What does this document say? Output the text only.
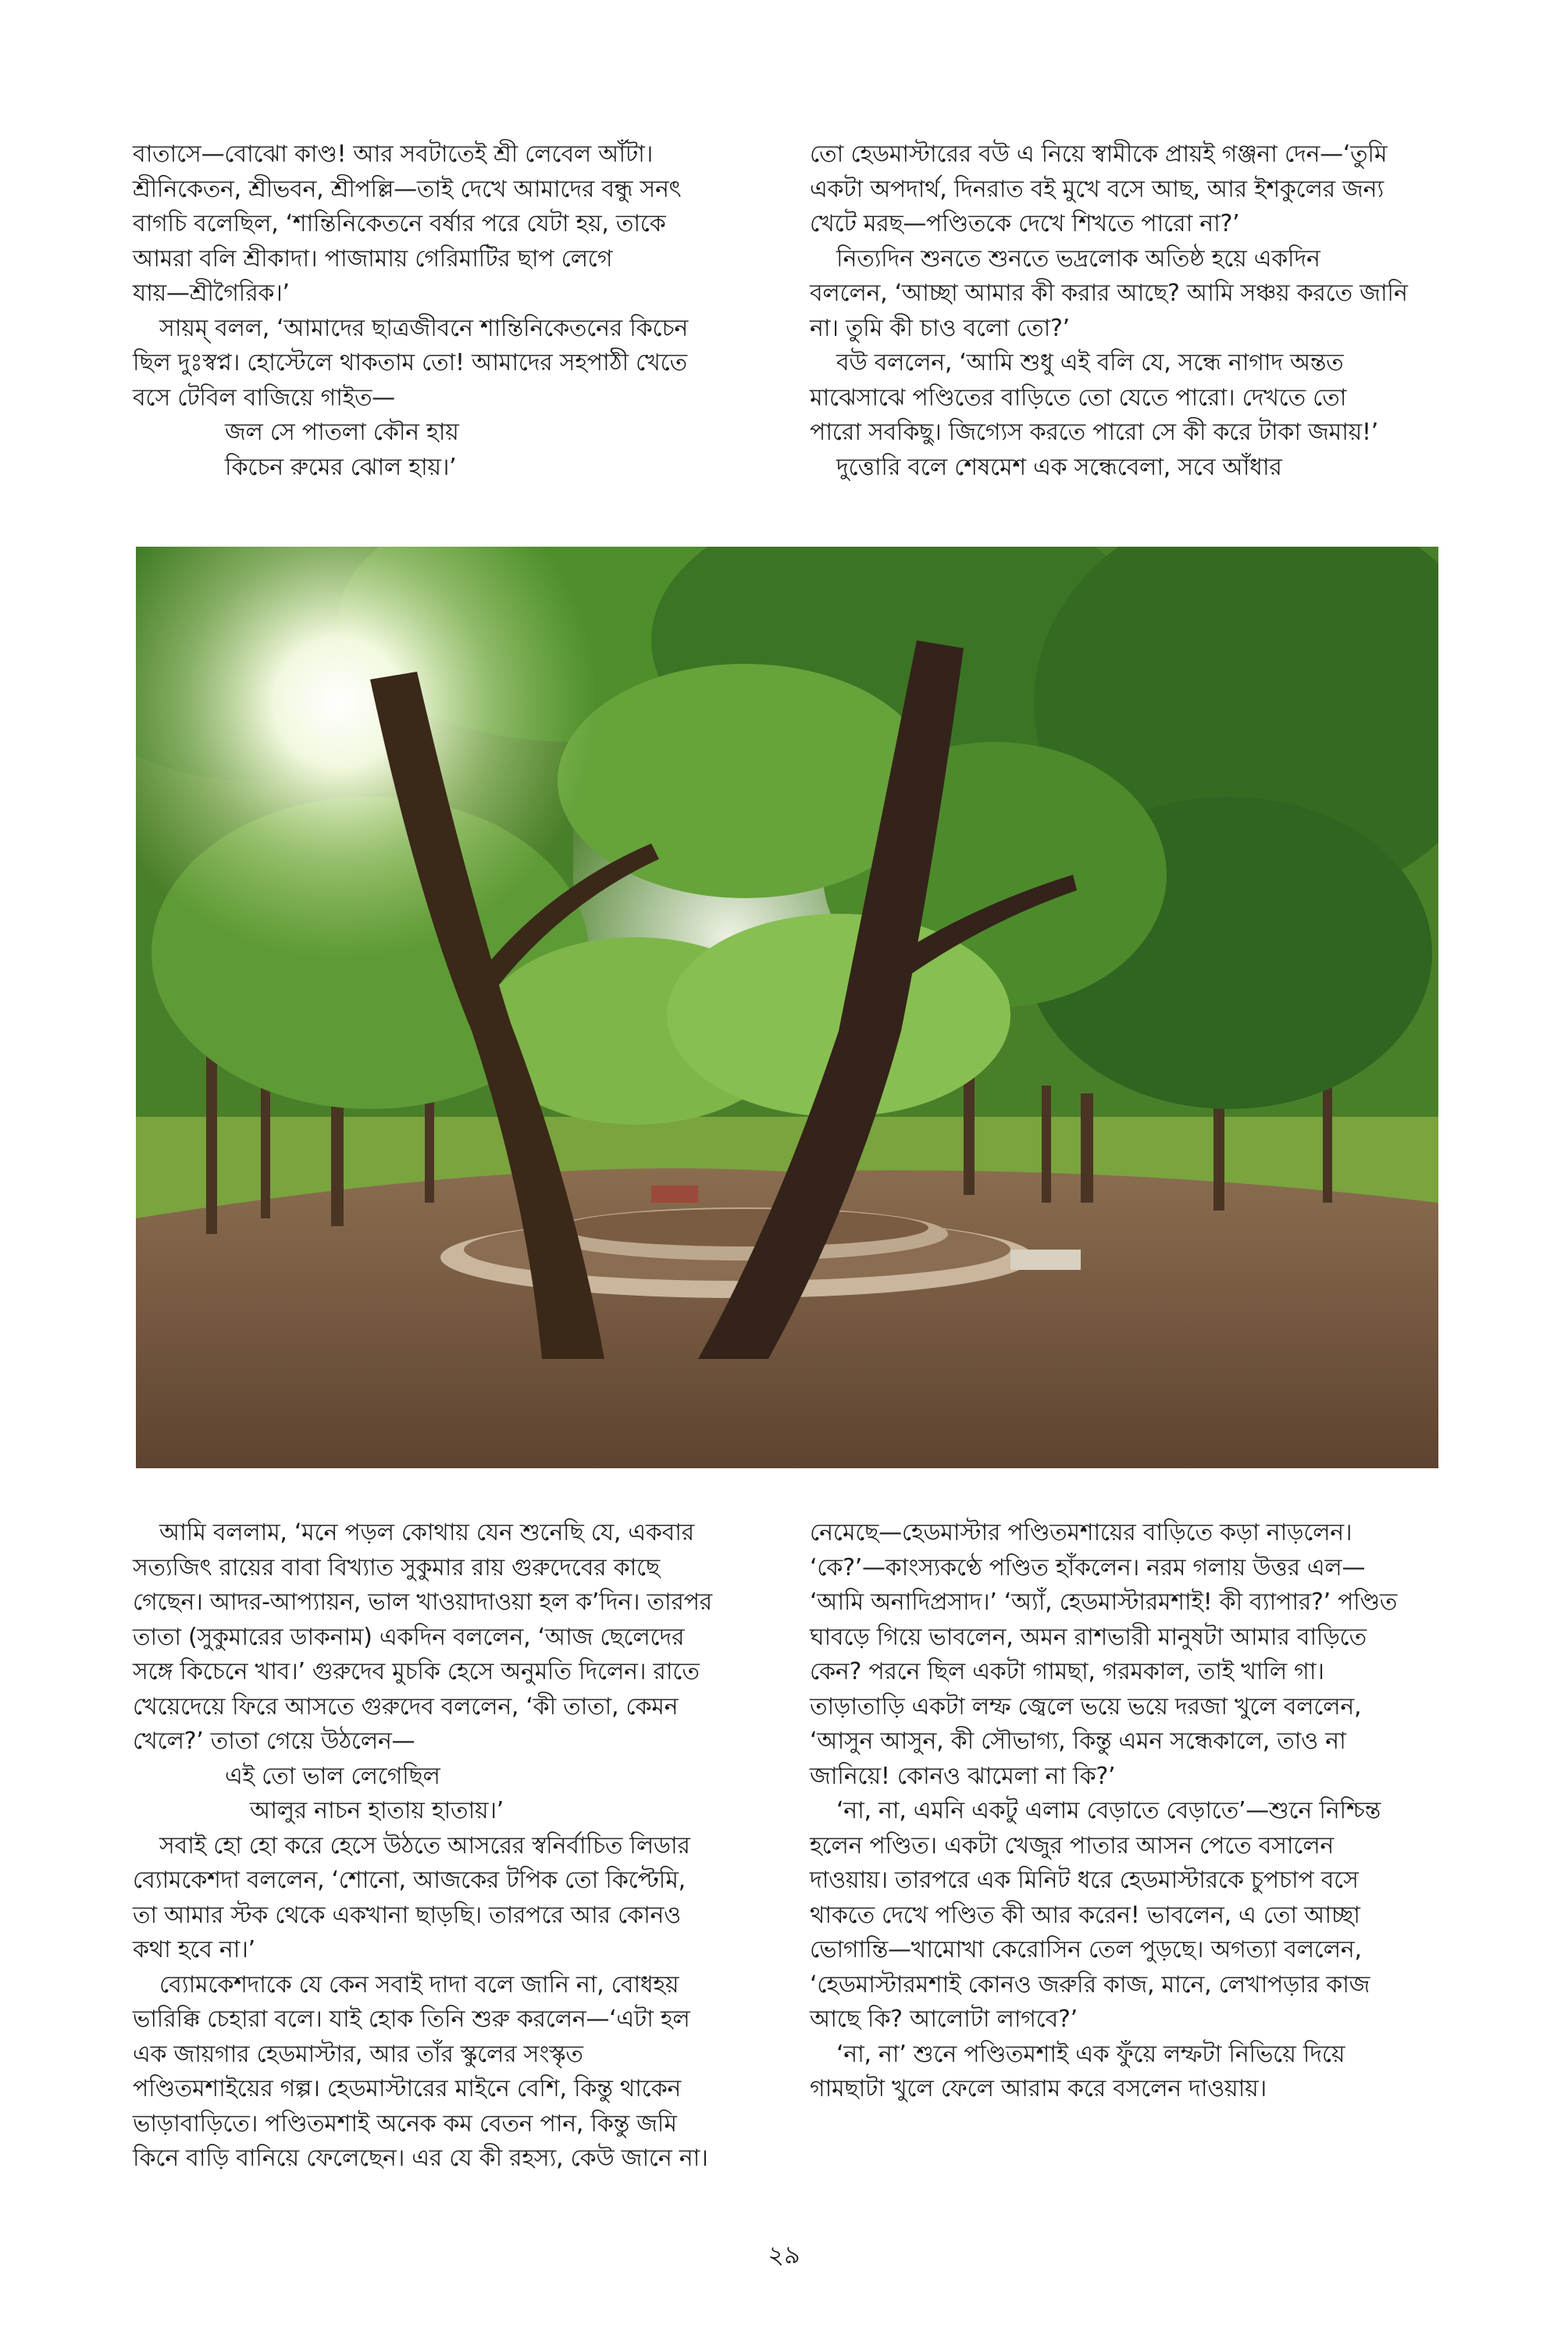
বাতাসে—বোঝো কাণ্ড! আর সবটাতেই শ্রী লেবেল আঁটা।
শ্রীনিকেতন, শ্রীভবন, শ্রীপল্লি—তাই দেখে আমাদের বন্ধু সনৎ
বাগচি বলেছিল, ‘শান্তিনিকেতনে বর্ষার পরে যেটা হয়, তাকে
আমরা বলি শ্রীকাদা। পাজামায় গেরিমাটির ছাপ লেগে
যায়—শ্রীগৈরিক।’
সায়ম্ বলল, ‘আমাদের ছাত্রজীবনে শান্তিনিকেতনের কিচেন
ছিল দুঃস্বপ্ন। হোস্টেলে থাকতাম তো! আমাদের সহপাঠী খেতে
বসে টেবিল বাজিয়ে গাইত—
জল সে পাতলা কৌন হায়
কিচেন রুমের ঝোল হায়।’
তো হেডমাস্টারের বউ এ নিয়ে স্বামীকে প্রায়ই গঞ্জনা দেন—‘তুমি
একটা অপদার্থ, দিনরাত বই মুখে বসে আছ, আর ইশকুলের জন্য
খেটে মরছ—পণ্ডিতকে দেখে শিখতে পারো না?’
নিত্যদিন শুনতে শুনতে ভদ্রলোক অতিষ্ঠ হয়ে একদিন
বললেন, ‘আচ্ছা আমার কী করার আছে? আমি সঞ্চয় করতে জানি
না। তুমি কী চাও বলো তো?’
বউ বললেন, ‘আমি শুধু এই বলি যে, সন্ধে নাগাদ অন্তত
মাঝেসাঝে পণ্ডিতের বাড়িতে তো যেতে পারো। দেখতে তো
পারো সবকিছু। জিগ্যেস করতে পারো সে কী করে টাকা জমায়!’
দুত্তোরি বলে শেষমেশ এক সন্ধেবেলা, সবে আঁধার
আমি বললাম, ‘মনে পড়ল কোথায় যেন শুনেছি যে, একবার
সত্যজিৎ রায়ের বাবা বিখ্যাত সুকুমার রায় গুরুদেবের কাছে
গেছেন। আদর-আপ্যায়ন, ভাল খাওয়াদাওয়া হল ক’দিন। তারপর
তাতা (সুকুমারের ডাকনাম) একদিন বললেন, ‘আজ ছেলেদের
সঙ্গে কিচেনে খাব।’ গুরুদেব মুচকি হেসে অনুমতি দিলেন। রাতে
খেয়েদেয়ে ফিরে আসতে গুরুদেব বললেন, ‘কী তাতা, কেমন
খেলে?’ তাতা গেয়ে উঠলেন—
এই তো ভাল লেগেছিল
আলুর নাচন হাতায় হাতায়।’
সবাই হো হো করে হেসে উঠতে আসরের স্বনির্বাচিত লিডার
ব্যোমকেশদা বললেন, ‘শোনো, আজকের টপিক তো কিপ্টেমি,
তা আমার স্টক থেকে একখানা ছাড়ছি। তারপরে আর কোনও
কথা হবে না।’
ব্যোমকেশদাকে যে কেন সবাই দাদা বলে জানি না, বোধহয়
ভারিক্কি চেহারা বলে। যাই হোক তিনি শুরু করলেন—‘এটা হল
এক জায়গার হেডমাস্টার, আর তাঁর স্কুলের সংস্কৃত
পণ্ডিতমশাইয়ের গল্প। হেডমাস্টারের মাইনে বেশি, কিন্তু থাকেন
ভাড়াবাড়িতে। পণ্ডিতমশাই অনেক কম বেতন পান, কিন্তু জমি
কিনে বাড়ি বানিয়ে ফেলেছেন। এর যে কী রহস্য, কেউ জানে না।
নেমেছে—হেডমাস্টার পণ্ডিতমশায়ের বাড়িতে কড়া নাড়লেন।
‘কে?’—কাংস্যকণ্ঠে পণ্ডিত হাঁকলেন। নরম গলায় উত্তর এল—
‘আমি অনাদিপ্রসাদ।’ ‘অ্যাঁ, হেডমাস্টারমশাই! কী ব্যাপার?’ পণ্ডিত
ঘাবড়ে গিয়ে ভাবলেন, অমন রাশভারী মানুষটা আমার বাড়িতে
কেন? পরনে ছিল একটা গামছা, গরমকাল, তাই খালি গা।
তাড়াতাড়ি একটা লম্ফ জ্বেলে ভয়ে ভয়ে দরজা খুলে বললেন,
‘আসুন আসুন, কী সৌভাগ্য, কিন্তু এমন সন্ধেকালে, তাও না
জানিয়ে! কোনও ঝামেলা না কি?’
‘না, না, এমনি একটু এলাম বেড়াতে বেড়াতে’—শুনে নিশ্চিন্ত
হলেন পণ্ডিত। একটা খেজুর পাতার আসন পেতে বসালেন
দাওয়ায়। তারপরে এক মিনিট ধরে হেডমাস্টারকে চুপচাপ বসে
থাকতে দেখে পণ্ডিত কী আর করেন! ভাবলেন, এ তো আচ্ছা
ভোগান্তি—খামোখা কেরোসিন তেল পুড়ছে। অগত্যা বললেন,
‘হেডমাস্টারমশাই কোনও জরুরি কাজ, মানে, লেখাপড়ার কাজ
আছে কি? আলোটা লাগবে?’
‘না, না’ শুনে পণ্ডিতমশাই এক ফুঁয়ে লম্ফটা নিভিয়ে দিয়ে
গামছাটা খুলে ফেলে আরাম করে বসলেন দাওয়ায়।
২৯
